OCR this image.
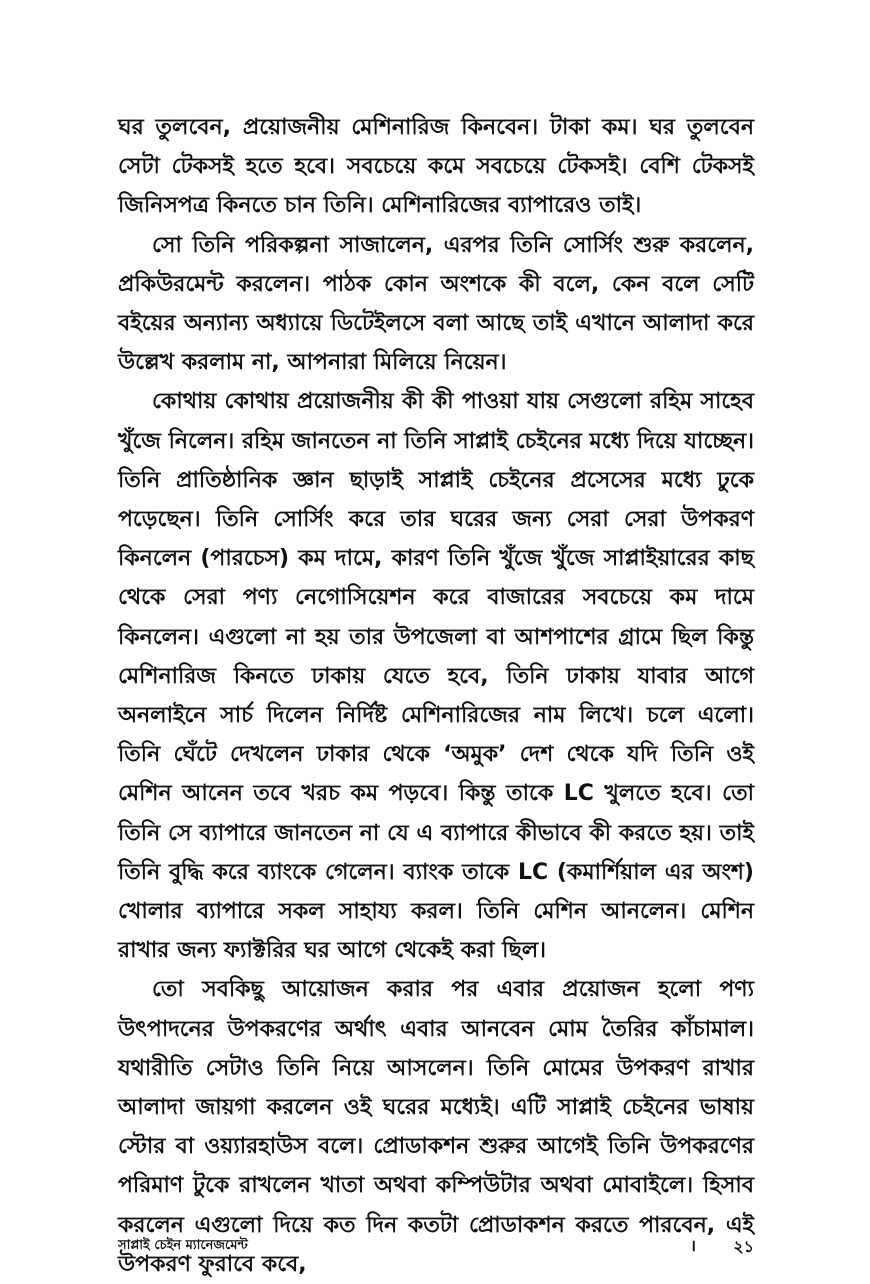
ঘর তুলবেন, প্রয়োজনীয় মেশিনারিজ কিনবেন। টাকা কম। ঘর তুলবেন সেটা টেকসই হতে হবে। সবচেয়ে কমে সবচেয়ে টেকসই। বেশি টেকসই জিনিসপত্র কিনতে চান তিনি। মেশিনারিজের ব্যাপারেও তাই।

সো তিনি পরিকল্পনা সাজালেন, এরপর তিনি সোর্সিং শুরু করলেন, প্রকিউরমেন্ট করলেন। পাঠক কোন অংশকে কী বলে, কেন বলে সেটি বইয়ের অন্যান্য অধ্যায়ে ডিটেইলসে বলা আছে তাই এখানে আলাদা করে উল্লেখ করলাম না, আপনারা মিলিয়ে নিয়েন।

কোথায় কোথায় প্রয়োজনীয় কী কী পাওয়া যায় সেগুলো রহিম সাহেব খুঁজে নিলেন। রহিম জানতেন না তিনি সাপ্লাই চেইনের মধ্যে দিয়ে যাচ্ছেন। তিনি প্রাতিষ্ঠানিক জ্ঞান ছাড়াই সাপ্লাই চেইনের প্রসেসের মধ্যে ঢুকে পড়েছেন। তিনি সোর্সিং করে তার ঘরের জন্য সেরা সেরা উপকরণ কিনলেন (পারচেস) কম দামে, কারণ তিনি খুঁজে খুঁজে সাপ্লাইয়ারের কাছ থেকে সেরা পণ্য নেগোসিয়েশন করে বাজারের সবচেয়ে কম দামে কিনলেন। এগুলো না হয় তার উপজেলা বা আশপাশের গ্রামে ছিল কিন্তু মেশিনারিজ কিনতে ঢাকায় যেতে হবে, তিনি ঢাকায় যাবার আগে অনলাইনে সার্চ দিলেন নির্দিষ্ট মেশিনারিজের নাম লিখে। চলে এলো। তিনি ঘেঁটে দেখলেন ঢাকার থেকে ‘অমুক’ দেশ থেকে যদি তিনি ওই মেশিন আনেন তবে খরচ কম পড়বে। কিন্তু তাকে LC খুলতে হবে। তো তিনি সে ব্যাপারে জানতেন না যে এ ব্যাপারে কীভাবে কী করতে হয়। তাই তিনি বুদ্ধি করে ব্যাংকে গেলেন। ব্যাংক তাকে LC (কমার্শিয়াল এর অংশ) খোলার ব্যাপারে সকল সাহায্য করল। তিনি মেশিন আনলেন। মেশিন রাখার জন্য ফ্যাক্টরির ঘর আগে থেকেই করা ছিল।

তো সবকিছু আয়োজন করার পর এবার প্রয়োজন হলো পণ্য উৎপাদনের উপকরণের অর্থাৎ এবার আনবেন মোম তৈরির কাঁচামাল। যথারীতি সেটাও তিনি নিয়ে আসলেন। তিনি মোমের উপকরণ রাখার আলাদা জায়গা করলেন ওই ঘরের মধ্যেই। এটি সাপ্লাই চেইনের ভাষায় স্টোর বা ওয়্যারহাউস বলে। প্রোডাকশন শুরুর আগেই তিনি উপকরণের পরিমাণ টুকে রাখলেন খাতা অথবা কম্পিউটার অথবা মোবাইলে। হিসাব করলেন এগুলো দিয়ে কত দিন কতটা প্রোডাকশন করতে পারবেন, এই উপকরণ ফুরাবে কবে,

সাপ্লাই চেইন ম্যানেজমেন্ট	। ২১
